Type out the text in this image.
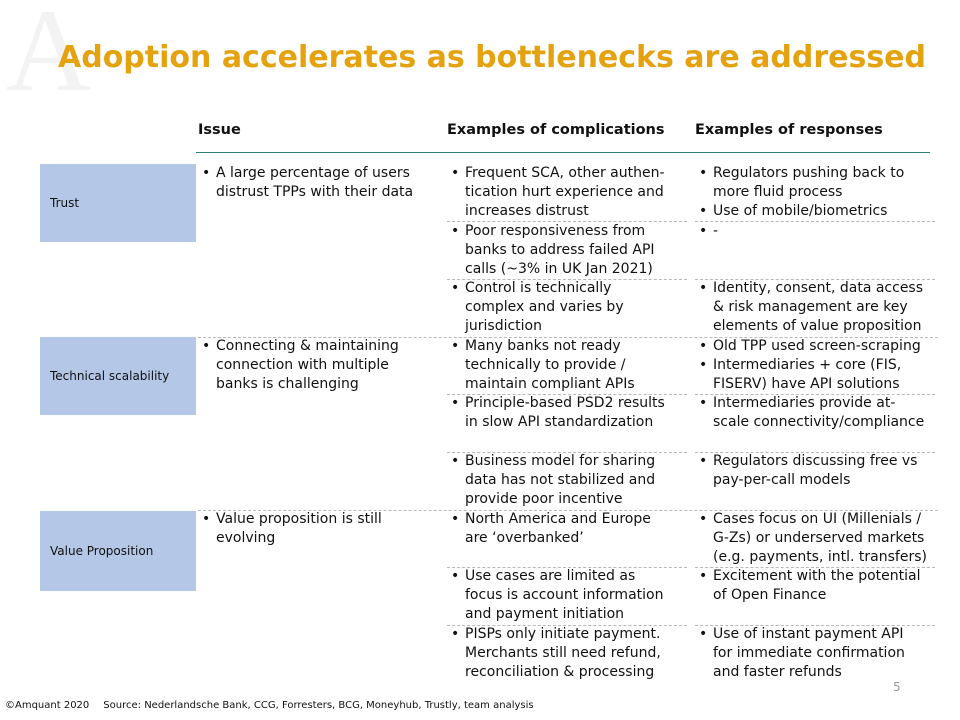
A
Adoption accelerates as bottlenecks are addressed
Issue	Examples of complications Examples of responses
Trust
Technical scalability
Value Proposition
• A large percentage of users
distrust TPPs with their data
• Connecting & maintaining
connection with multiple
banks is challenging
• Value proposition is still
evolving
• Frequent SCA, other authen-
tication hurt experience and
increases distrust
• Poor responsiveness from
banks to address failed API
calls (~3% in UK Jan 2021)
• Control is technically
complex and varies by
jurisdiction
• Many banks not ready
technically to provide /
maintain compliant APIs
• Principle-based PSD2 results
in slow API standardization
• Business model for sharing
data has not stabilized and
provide poor incentive
• North America and Europe
are ‘overbanked’
• Use cases are limited as
focus is account information
and payment initiation
• PISPs only initiate payment.
Merchants still need refund,
reconciliation & processing
• Regulators pushing back to
more fluid process
• Use of mobile/biometrics
• -
• Identity, consent, data access
& risk management are key
elements of value proposition
• Old TPP used screen-scraping
• Intermediaries + core (FIS,
FISERV) have API solutions
• Intermediaries provide at-
scale connectivity/compliance
• Regulators discussing free vs
pay-per-call models
• Cases focus on UI (Millenials /
G-Zs) or underserved markets
(e.g. payments, intl. transfers)
• Excitement with the potential
of Open Finance
• Use of instant payment API
for immediate confirmation
and faster refunds
5
©Amquant 2020 Source: Nederlandsche Bank, CCG, Forresters, BCG, Moneyhub, Trustly, team analysis
